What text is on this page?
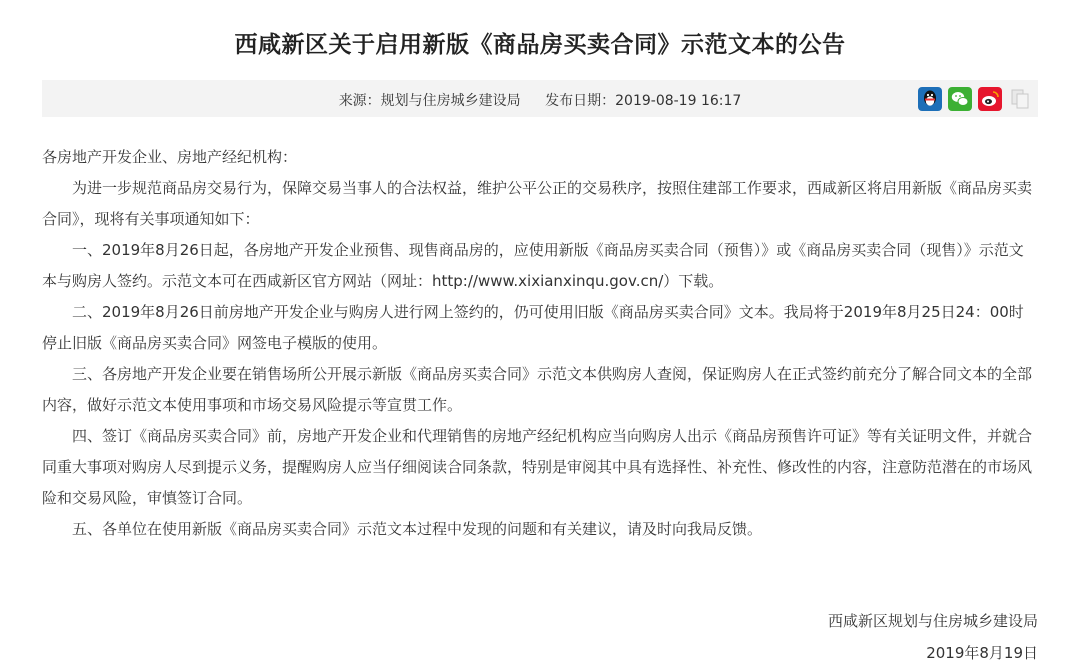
西咸新区关于启用新版《商品房买卖合同》示范文本的公告
来源：规划与住房城乡建设局 发布日期：2019-08-19 16:17

各房地产开发企业、房地产经纪机构：

为进一步规范商品房交易行为，保障交易当事人的合法权益，维护公平公正的交易秩序，按照住建部工作要求，西咸新区将启用新版《商品房买卖合同》，现将有关事项通知如下：

一、2019年8月26日起，各房地产开发企业预售、现售商品房的，应使用新版《商品房买卖合同（预售）》或《商品房买卖合同（现售）》示范文本与购房人签约。示范文本可在西咸新区官方网站（网址：http://www.xixianxinqu.gov.cn/）下载。

二、2019年8月26日前房地产开发企业与购房人进行网上签约的，仍可使用旧版《商品房买卖合同》文本。我局将于2019年8月25日24：00时停止旧版《商品房买卖合同》网签电子模版的使用。

三、各房地产开发企业要在销售场所公开展示新版《商品房买卖合同》示范文本供购房人查阅，保证购房人在正式签约前充分了解合同文本的全部内容，做好示范文本使用事项和市场交易风险提示等宣贯工作。

四、签订《商品房买卖合同》前，房地产开发企业和代理销售的房地产经纪机构应当向购房人出示《商品房预售许可证》等有关证明文件，并就合同重大事项对购房人尽到提示义务，提醒购房人应当仔细阅读合同条款，特别是审阅其中具有选择性、补充性、修改性的内容，注意防范潜在的市场风险和交易风险，审慎签订合同。

五、各单位在使用新版《商品房买卖合同》示范文本过程中发现的问题和有关建议，请及时向我局反馈。

西咸新区规划与住房城乡建设局
2019年8月19日
